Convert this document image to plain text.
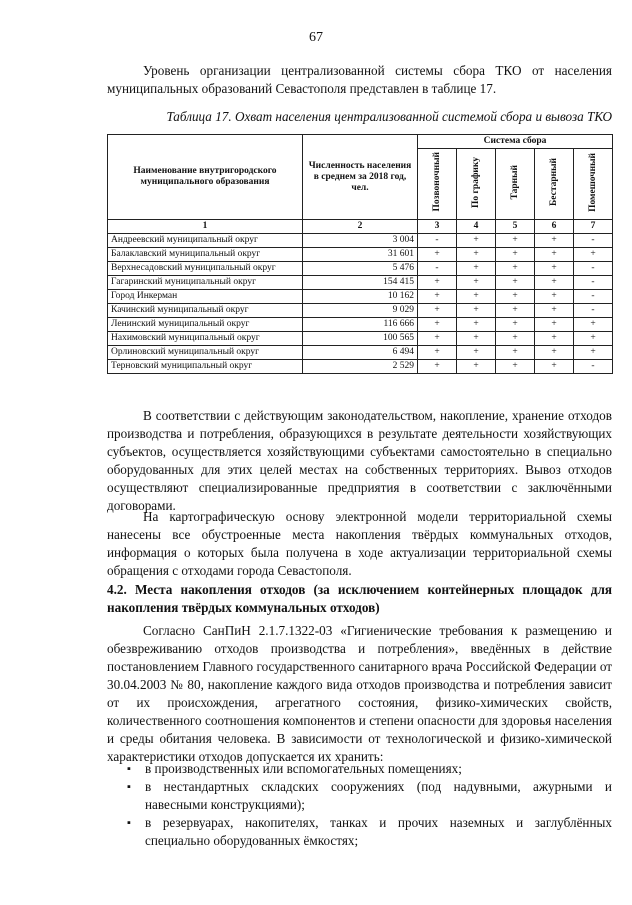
67

Уровень организации централизованной системы сбора ТКО от населения муниципальных образований Севастополя представлен в таблице 17.

Таблица 17. Охват населения централизованной системой сбора и вывоза ТКО
Наименование внутригородского муниципального образования	Численность населения в среднем за 2018 год, чел.	Система сбора				
		Позвоночный	По графику	Тарный	Бестарный	Помешочный
1	2	3	4	5	6	7
Андреевский муниципальный округ	3 004	-	+	+	+	-
Балаклавский муниципальный округ	31 601	+	+	+	+	+
Верхнесадовский муниципальный округ	5 476	-	+	+	+	-
Гагаринский муниципальный округ	154 415	+	+	+	+	-
Город Инкерман	10 162	+	+	+	+	-
Качинский муниципальный округ	9 029	+	+	+	+	-
Ленинский муниципальный округ	116 666	+	+	+	+	+
Нахимовский муниципальный округ	100 565	+	+	+	+	+
Орлиновский муниципальный округ	6 494	+	+	+	+	+
Терновский муниципальный округ	2 529	+	+	+	+	-

В соответствии с действующим законодательством, накопление, хранение отходов производства и потребления, образующихся в результате деятельности хозяйствующих субъектов, осуществляется хозяйствующими субъектами самостоятельно в специально оборудованных для этих целей местах на собственных территориях. Вывоз отходов осуществляют специализированные предприятия в соответствии с заключёнными договорами.

На картографическую основу электронной модели территориальной схемы нанесены все обустроенные места накопления твёрдых коммунальных отходов, информация о которых была получена в ходе актуализации территориальной схемы обращения с отходами города Севастополя.

4.2. Места накопления отходов (за исключением контейнерных площадок для накопления твёрдых коммунальных отходов)

Согласно СанПиН 2.1.7.1322-03 «Гигиенические требования к размещению и обезвреживанию отходов производства и потребления», введённых в действие постановлением Главного государственного санитарного врача Российской Федерации от 30.04.2003 № 80, накопление каждого вида отходов производства и потребления зависит от их происхождения, агрегатного состояния, физико-химических свойств, количественного соотношения компонентов и степени опасности для здоровья населения и среды обитания человека. В зависимости от технологической и физико-химической характеристики отходов допускается их хранить:

▪ в производственных или вспомогательных помещениях;
▪ в нестандартных складских сооружениях (под надувными, ажурными и навесными конструкциями);
▪ в резервуарах, накопителях, танках и прочих наземных и заглублённых специально оборудованных ёмкостях;
